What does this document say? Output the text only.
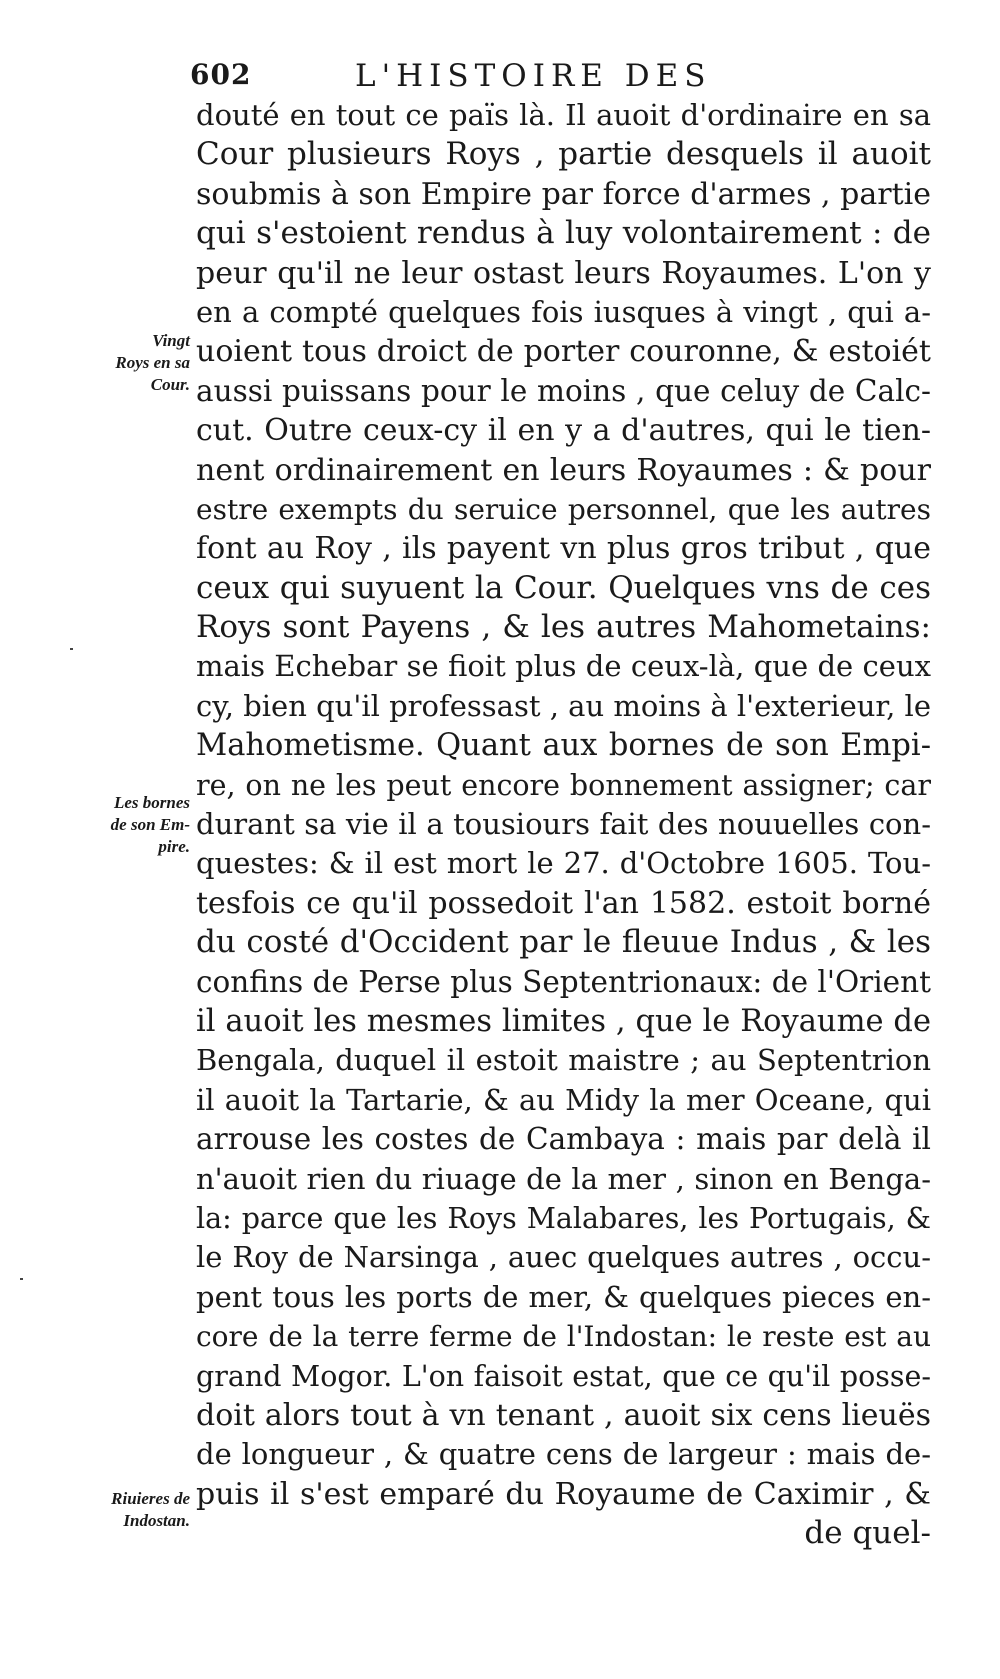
602	L'HISTOIRE DES
douté en tout ce païs là. Il auoit d'ordinaire en sa
Cour plusieurs Roys , partie desquels il auoit
soubmis à son Empire par force d'armes , partie
qui s'estoient rendus à luy volontairement : de
peur qu'il ne leur ostast leurs Royaumes. L'on y
en a compté quelques fois iusques à vingt , qui a-
uoient tous droict de porter couronne, & estoiét
aussi puissans pour le moins , que celuy de Calc-
cut. Outre ceux-cy il en y a d'autres, qui le tien-
nent ordinairement en leurs Royaumes : & pour
estre exempts du seruice personnel, que les autres
font au Roy , ils payent vn plus gros tribut , que
ceux qui suyuent la Cour. Quelques vns de ces
Roys sont Payens , & les autres Mahometains:
mais Echebar se fioit plus de ceux-là, que de ceux
cy, bien qu'il professast , au moins à l'exterieur, le
Mahometisme. Quant aux bornes de son Empi-
re, on ne les peut encore bonnement assigner; car
durant sa vie il a tousiours fait des nouuelles con-
questes: & il est mort le 27. d'Octobre 1605. Tou-
tesfois ce qu'il possedoit l'an 1582. estoit borné
du costé d'Occident par le fleuue Indus , & les
confins de Perse plus Septentrionaux: de l'Orient
il auoit les mesmes limites , que le Royaume de
Bengala, duquel il estoit maistre ; au Septentrion
il auoit la Tartarie, & au Midy la mer Oceane, qui
arrouse les costes de Cambaya : mais par delà il
n'auoit rien du riuage de la mer , sinon en Benga-
la: parce que les Roys Malabares, les Portugais, &
le Roy de Narsinga , auec quelques autres , occu-
pent tous les ports de mer, & quelques pieces en-
core de la terre ferme de l'Indostan: le reste est au
grand Mogor. L'on faisoit estat, que ce qu'il posse-
doit alors tout à vn tenant , auoit six cens lieuës
de longueur , & quatre cens de largeur : mais de-
puis il s'est emparé du Royaume de Caximir , &
de quel-
Vingt
Roys en sa
Cour.
Les bornes
de son Em-
pire.
Riuieres de
Indostan.
